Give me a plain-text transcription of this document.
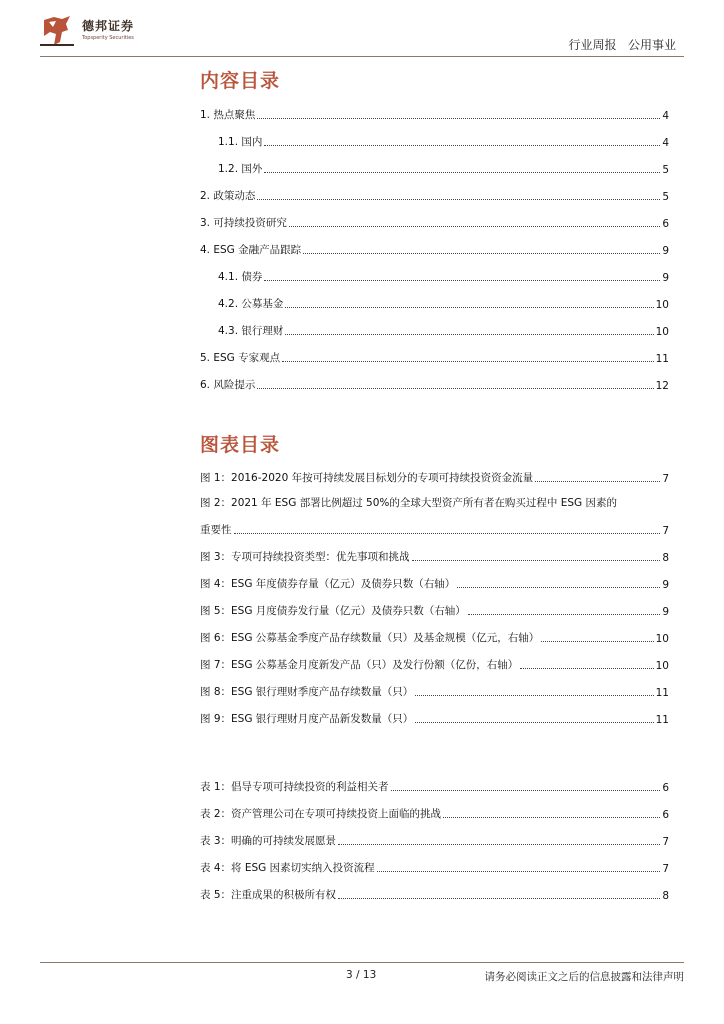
德邦证券
Topsperity Securities	行业周报 公用事业
内容目录
1. 热点聚焦	4
1.1. 国内	4
1.2. 国外	5
2. 政策动态	5
3. 可持续投资研究	6
4. ESG 金融产品跟踪	9
4.1. 债券	9
4.2. 公募基金	10
4.3. 银行理财	10
5. ESG 专家观点	11
6. 风险提示	12
图表目录
图 1：2016-2020 年按可持续发展目标划分的专项可持续投资资金流量	7
图 2：2021 年 ESG 部署比例超过 50%的全球大型资产所有者在购买过程中 ESG 因素的
重要性	7
图 3：专项可持续投资类型：优先事项和挑战	8
图 4：ESG 年度债券存量（亿元）及债券只数（右轴）	9
图 5：ESG 月度债券发行量（亿元）及债券只数（右轴）	9
图 6：ESG 公募基金季度产品存续数量（只）及基金规模（亿元，右轴）	10
图 7：ESG 公募基金月度新发产品（只）及发行份额（亿份，右轴）	10
图 8：ESG 银行理财季度产品存续数量（只）	11
图 9：ESG 银行理财月度产品新发数量（只）	11
表 1：倡导专项可持续投资的利益相关者	6
表 2：资产管理公司在专项可持续投资上面临的挑战	6
表 3：明确的可持续发展愿景	7
表 4：将 ESG 因素切实纳入投资流程	7
表 5：注重成果的积极所有权	8
3 / 13	请务必阅读正文之后的信息披露和法律声明
